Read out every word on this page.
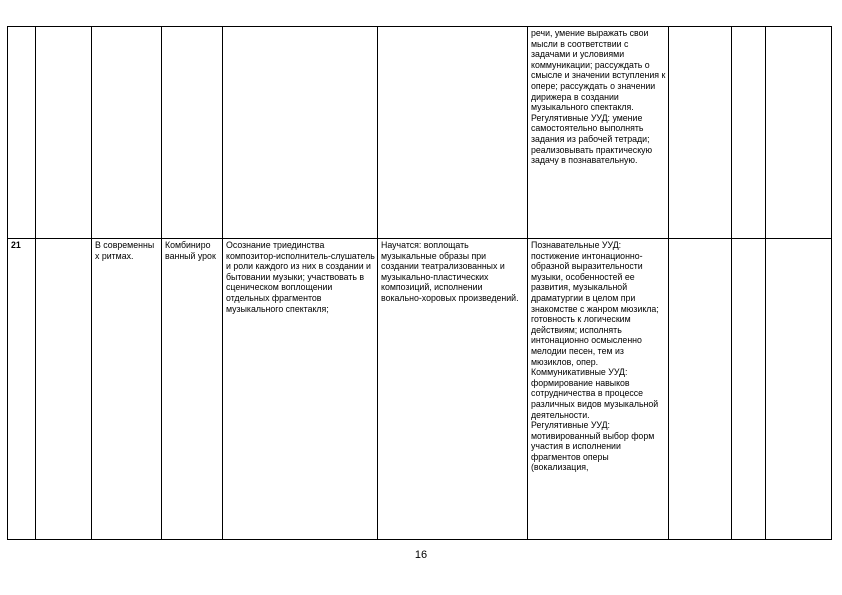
						речи, умение выражать свои мысли в соответствии с задачами и условиями коммуникации; рассуждать о смысле и значении вступления к опере; рассуждать о значении дирижера в создании музыкального спектакля.
Регулятивные УУД: умение самостоятельно выполнять задания из рабочей тетради; реализовывать практическую задачу в познавательную.			
21		В современны х ритмах.	Комбиниро ванный урок	Осознание триединства композитор-исполнитель-слушатель и роли каждого из них в создании и бытовании музыки; участвовать в сценическом воплощении отдельных фрагментов музыкального спектакля;	Научатся: воплощать музыкальные образы при создании театрализованных и музыкально-пластических композиций, исполнении вокально-хоровых произведений.	Познавательные УУД: постижение интонационно-образной выразительности музыки, особенностей ее развития, музыкальной драматургии в целом при знакомстве с жанром мюзикла; готовность к логическим действиям; исполнять интонационно осмысленно мелодии песен, тем из мюзиклов, опер.
Коммуникативные УУД: формирование навыков сотрудничества в процессе различных видов музыкальной деятельности.
Регулятивные УУД: мотивированный выбор форм участия в исполнении фрагментов оперы (вокализация,			
16
